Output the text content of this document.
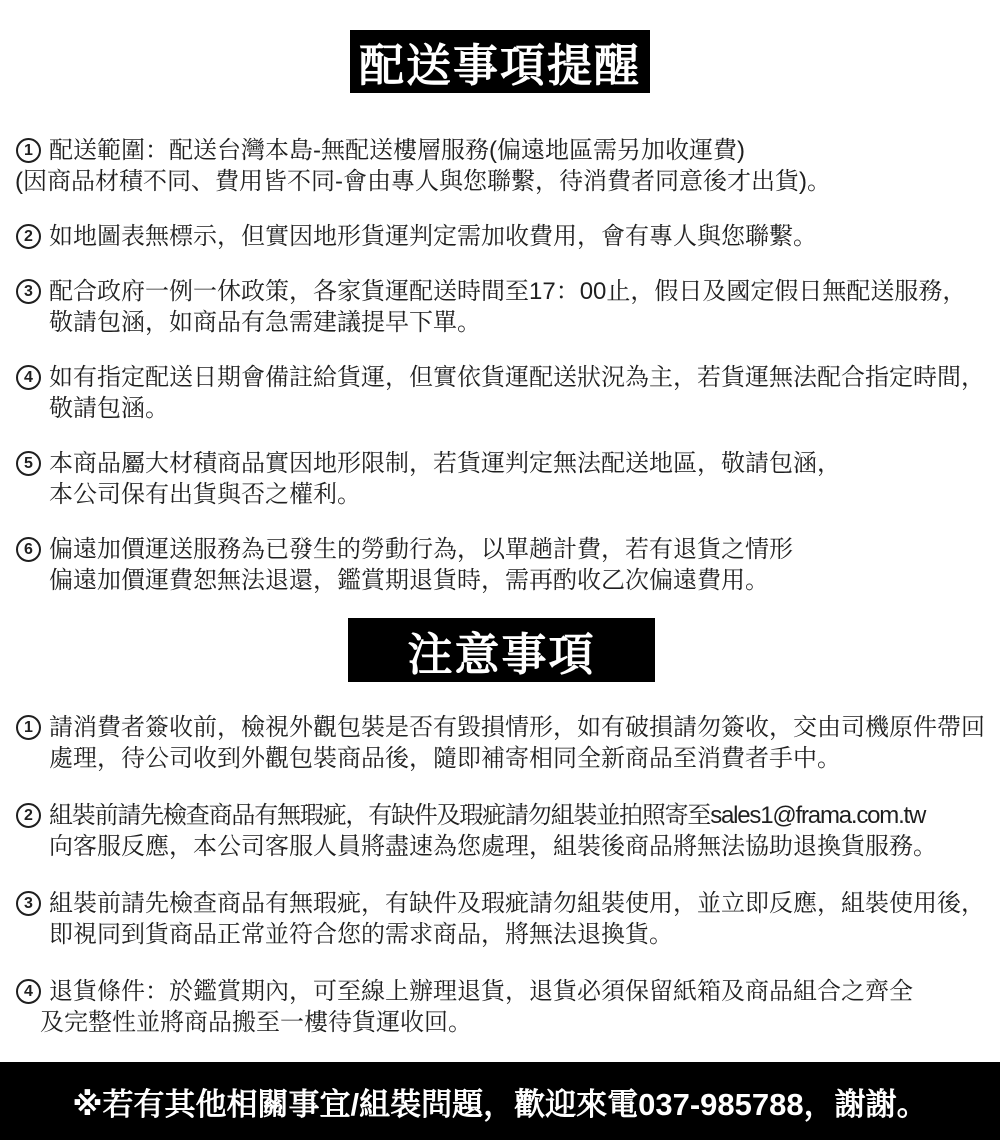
配送事項提醒
1 配送範圍：配送台灣本島-無配送樓層服務(偏遠地區需另加收運費)
(因商品材積不同、費用皆不同-會由專人與您聯繫，待消費者同意後才出貨)。
2 如地圖表無標示，但實因地形貨運判定需加收費用，會有專人與您聯繫。
3 配合政府一例一休政策，各家貨運配送時間至17：00止，假日及國定假日無配送服務，
敬請包涵，如商品有急需建議提早下單。
4 如有指定配送日期會備註給貨運，但實依貨運配送狀況為主，若貨運無法配合指定時間，
敬請包涵。
5 本商品屬大材積商品實因地形限制，若貨運判定無法配送地區，敬請包涵，
本公司保有出貨與否之權利。
6 偏遠加價運送服務為已發生的勞動行為，以單趟計費，若有退貨之情形
偏遠加價運費恕無法退還，鑑賞期退貨時，需再酌收乙次偏遠費用。
注意事項
1 請消費者簽收前，檢視外觀包裝是否有毀損情形，如有破損請勿簽收，交由司機原件帶回
處理，待公司收到外觀包裝商品後，隨即補寄相同全新商品至消費者手中。
2 組裝前請先檢查商品有無瑕疵，有缺件及瑕疵請勿組裝並拍照寄至sales1@frama.com.tw
向客服反應，本公司客服人員將盡速為您處理，組裝後商品將無法協助退換貨服務。
3 組裝前請先檢查商品有無瑕疵，有缺件及瑕疵請勿組裝使用，並立即反應，組裝使用後，
即視同到貨商品正常並符合您的需求商品，將無法退換貨。
4 退貨條件：於鑑賞期內，可至線上辦理退貨，退貨必須保留紙箱及商品組合之齊全
及完整性並將商品搬至一樓待貨運收回。
※若有其他相關事宜/組裝問題，歡迎來電037-985788，謝謝。
